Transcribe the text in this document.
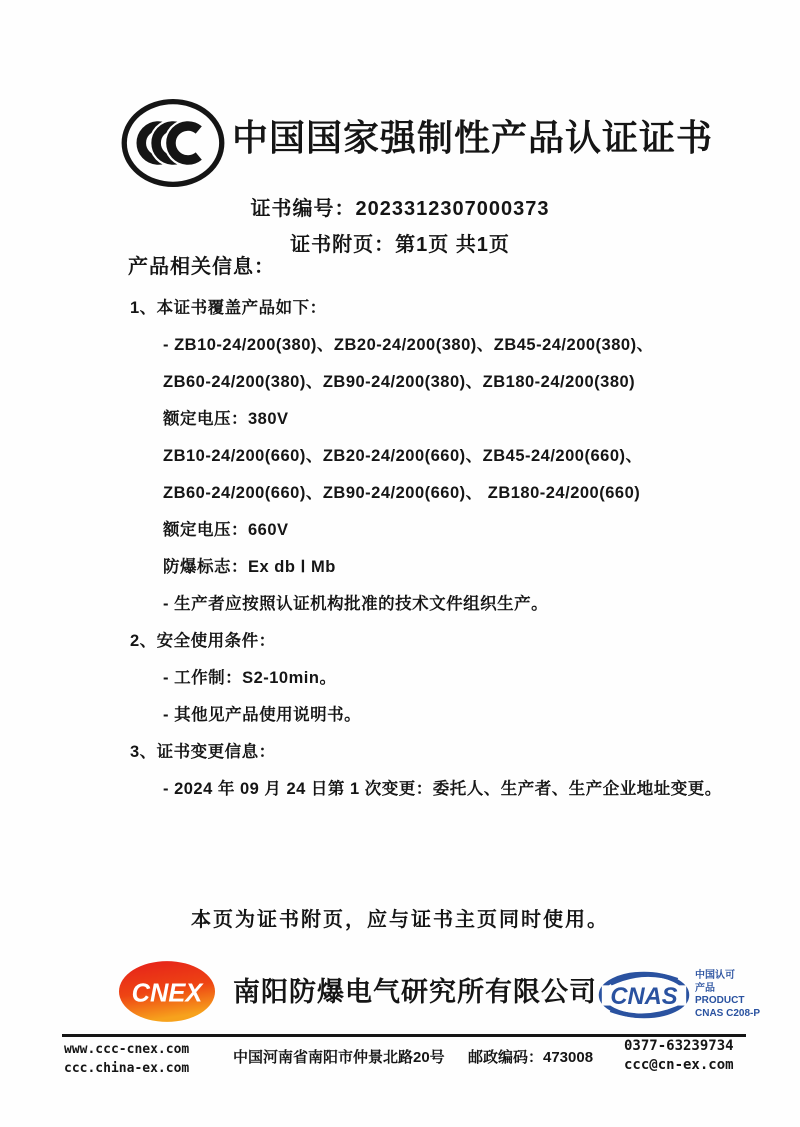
中国国家强制性产品认证证书
证书编号：2023312307000373
证书附页：第1页 共1页
产品相关信息：
1、本证书覆盖产品如下：
- ZB10-24/200(380)、ZB20-24/200(380)、ZB45-24/200(380)、
ZB60-24/200(380)、ZB90-24/200(380)、ZB180-24/200(380)
额定电压：380V
ZB10-24/200(660)、ZB20-24/200(660)、ZB45-24/200(660)、
ZB60-24/200(660)、ZB90-24/200(660)、 ZB180-24/200(660)
额定电压：660V
防爆标志：Ex db Ⅰ Mb
- 生产者应按照认证机构批准的技术文件组织生产。
2、安全使用条件：
- 工作制：S2-10min。
- 其他见产品使用说明书。
3、证书变更信息：
- 2024 年 09 月 24 日第 1 次变更：委托人、生产者、生产企业地址变更。
本页为证书附页，应与证书主页同时使用。
CNEX 南阳防爆电气研究所有限公司 CNAS
中国认可
产品
PRODUCT
CNAS C208-P
www.ccc-cnex.com
ccc.china-ex.com
中国河南省南阳市仲景北路20号 邮政编码：473008
0377-63239734
ccc@cn-ex.com
